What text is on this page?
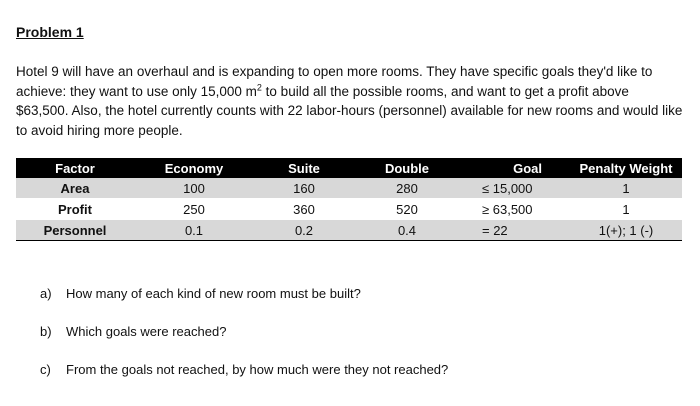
Problem 1
Hotel 9 will have an overhaul and is expanding to open more rooms. They have specific goals they'd like to achieve: they want to use only 15,000 $m^2$ to build all the possible rooms, and want to get a profit above $63,500. Also, the hotel currently counts with 22 labor-hours (personnel) available for new rooms and would like to avoid hiring more people.
Factor	Economy	Suite	Double	Goal	Penalty Weight
Area	100	160	280	≤ 15,000	1

Profit	250	360	520	≥ 63,500	1

Personnel	0.1	0.2	0.4	= 22	1(+); 1 (-)
a)	How many of each kind of new room must be built?
b)	Which goals were reached?
c)	From the goals not reached, by how much were they not reached?
